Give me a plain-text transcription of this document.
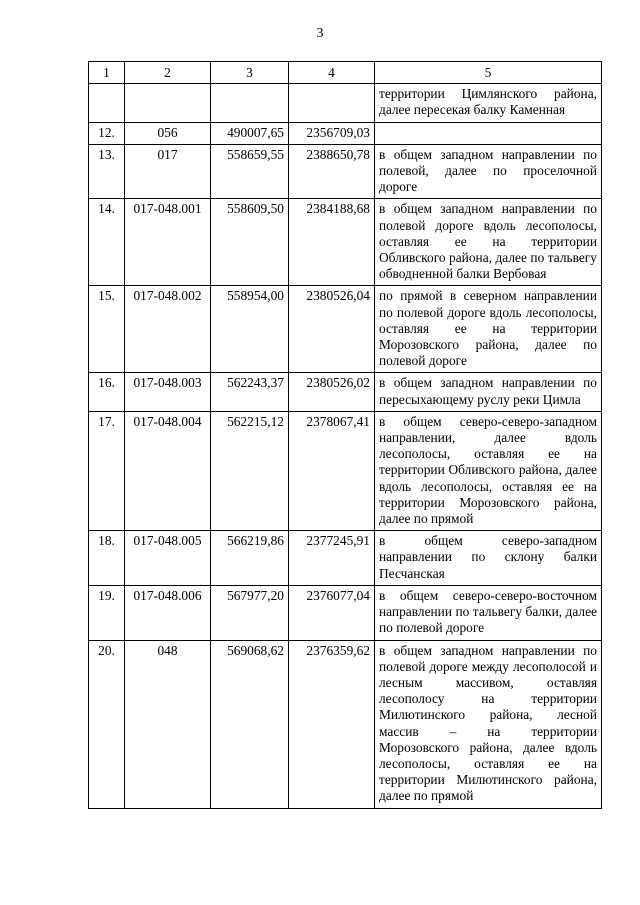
3
1	2	3	4	5
				территории Цимлянского района, далее пересекая балку Каменная
12.	056	490007,65	2356709,03	
13.	017	558659,55	2388650,78	в общем западном направлении по полевой, далее по проселочной дороге
14.	017-048.001	558609,50	2384188,68	в общем западном направлении по полевой дороге вдоль лесополосы, оставляя ее на территории Обливского района, далее по тальвегу обводненной балки Вербовая
15.	017-048.002	558954,00	2380526,04	по прямой в северном направлении по полевой дороге вдоль лесополосы, оставляя ее на территории Морозовского района, далее по полевой дороге
16.	017-048.003	562243,37	2380526,02	в общем западном направлении по пересыхающему руслу реки Цимла
17.	017-048.004	562215,12	2378067,41	в общем северо-северо-западном направлении, далее вдоль лесополосы, оставляя ее на территории Обливского района, далее вдоль лесополосы, оставляя ее на территории Морозовского района, далее по прямой
18.	017-048.005	566219,86	2377245,91	в общем северо-западном направлении по склону балки Песчанская
19.	017-048.006	567977,20	2376077,04	в общем северо-северо-восточном направлении по тальвегу балки, далее по полевой дороге
20.	048	569068,62	2376359,62	в общем западном направлении по полевой дороге между лесополосой и лесным массивом, оставляя лесополосу на территории Милютинского района, лесной массив – на территории Морозовского района, далее вдоль лесополосы, оставляя ее на территории Милютинского района, далее по прямой
